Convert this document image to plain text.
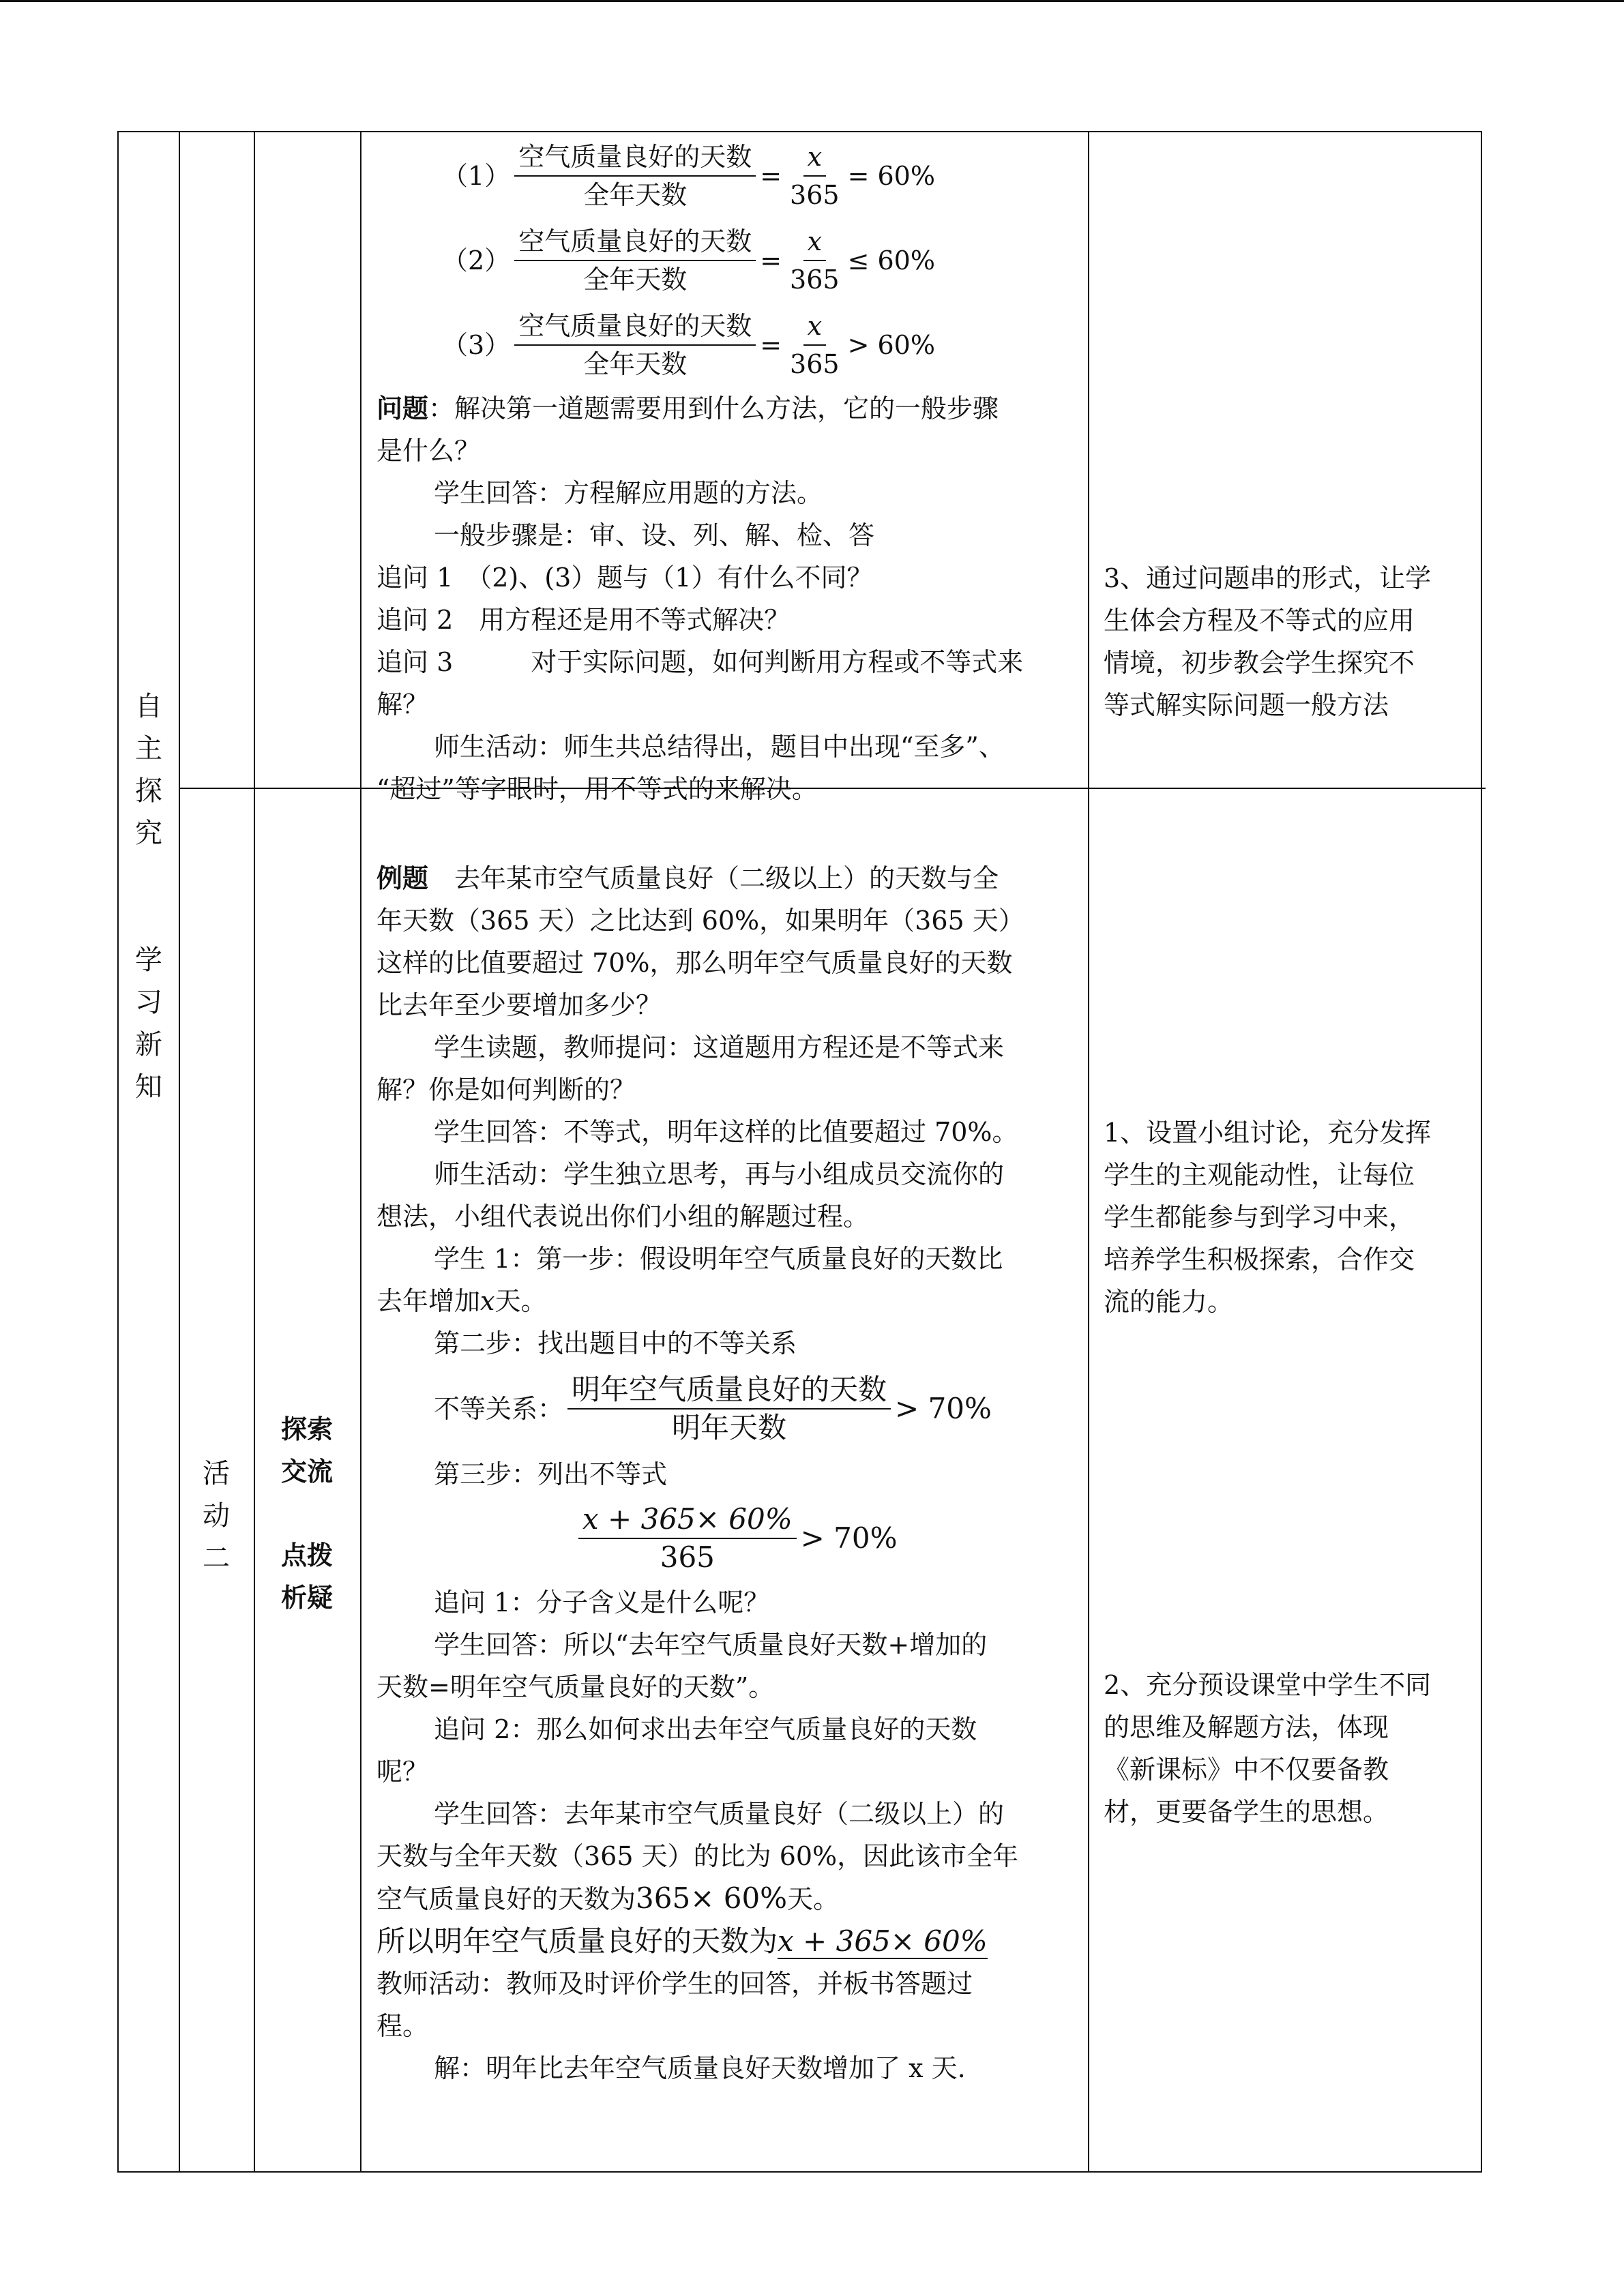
自
主
探
究
学
习
新
知
活
动
二
探索
交流
点拨
析疑
$(1) \frac{\text{空气质量良好的天数}}{\text{全年天数}} = \frac{x}{365} = 60\%$
$(2) \frac{\text{空气质量良好的天数}}{\text{全年天数}} = \frac{x}{365} \le 60\%$
$(3) \frac{\text{空气质量良好的天数}}{\text{全年天数}} = \frac{x}{365} > 60\%$

问题：解决第一道题需要用到什么方法，它的一般步骤

是什么？

学生回答：方程解应用题的方法。

一般步骤是：审、设、列、解、检、答

追问 1　（2)、(3）题与（1）有什么不同？

追问 2　用方程还是用不等式解决？

追问 3　　　对于实际问题，如何判断用方程或不等式来

解？

师生活动：师生共总结得出，题目中出现“至多”、

“超过”等字眼时，用不等式的来解决。

3、通过问题串的形式，让学

生体会方程及不等式的应用

情境，初步教会学生探究不

等式解实际问题一般方法

例题　去年某市空气质量良好（二级以上）的天数与全

年天数（365 天）之比达到 60%，如果明年（365 天）

这样的比值要超过 70%，那么明年空气质量良好的天数

比去年至少要增加多少？

学生读题，教师提问：这道题用方程还是不等式来

解？你是如何判断的？

学生回答：不等式，明年这样的比值要超过 70%。

师生活动：学生独立思考，再与小组成员交流你的

想法，小组代表说出你们小组的解题过程。

学生 1：第一步：假设明年空气质量良好的天数比

去年增加x天。

第二步：找出题目中的不等关系

不等关系： $\frac{\text{明年空气质量良好的天数}}{\text{明年天数}} > 70\%$

第三步：列出不等式

$\frac{x + 365\times 60\%}{365} > 70\%$

追问 1：分子含义是什么呢？

学生回答：所以“去年空气质量良好天数+增加的

天数=明年空气质量良好的天数”。

追问 2：那么如何求出去年空气质量良好的天数

呢？

学生回答：去年某市空气质量良好（二级以上）的

天数与全年天数（365 天）的比为 60%，因此该市全年

空气质量良好的天数为365× 60%天。

所以明年空气质量良好的天数为x + 365× 60%

教师活动：教师及时评价学生的回答，并板书答题过

程。

解：明年比去年空气质量良好天数增加了 x 天.

1、设置小组讨论，充分发挥

学生的主观能动性，让每位

学生都能参与到学习中来，

培养学生积极探索，合作交

流的能力。

2、充分预设课堂中学生不同

的思维及解题方法，体现

《新课标》中不仅要备教

材，更要备学生的思想。
